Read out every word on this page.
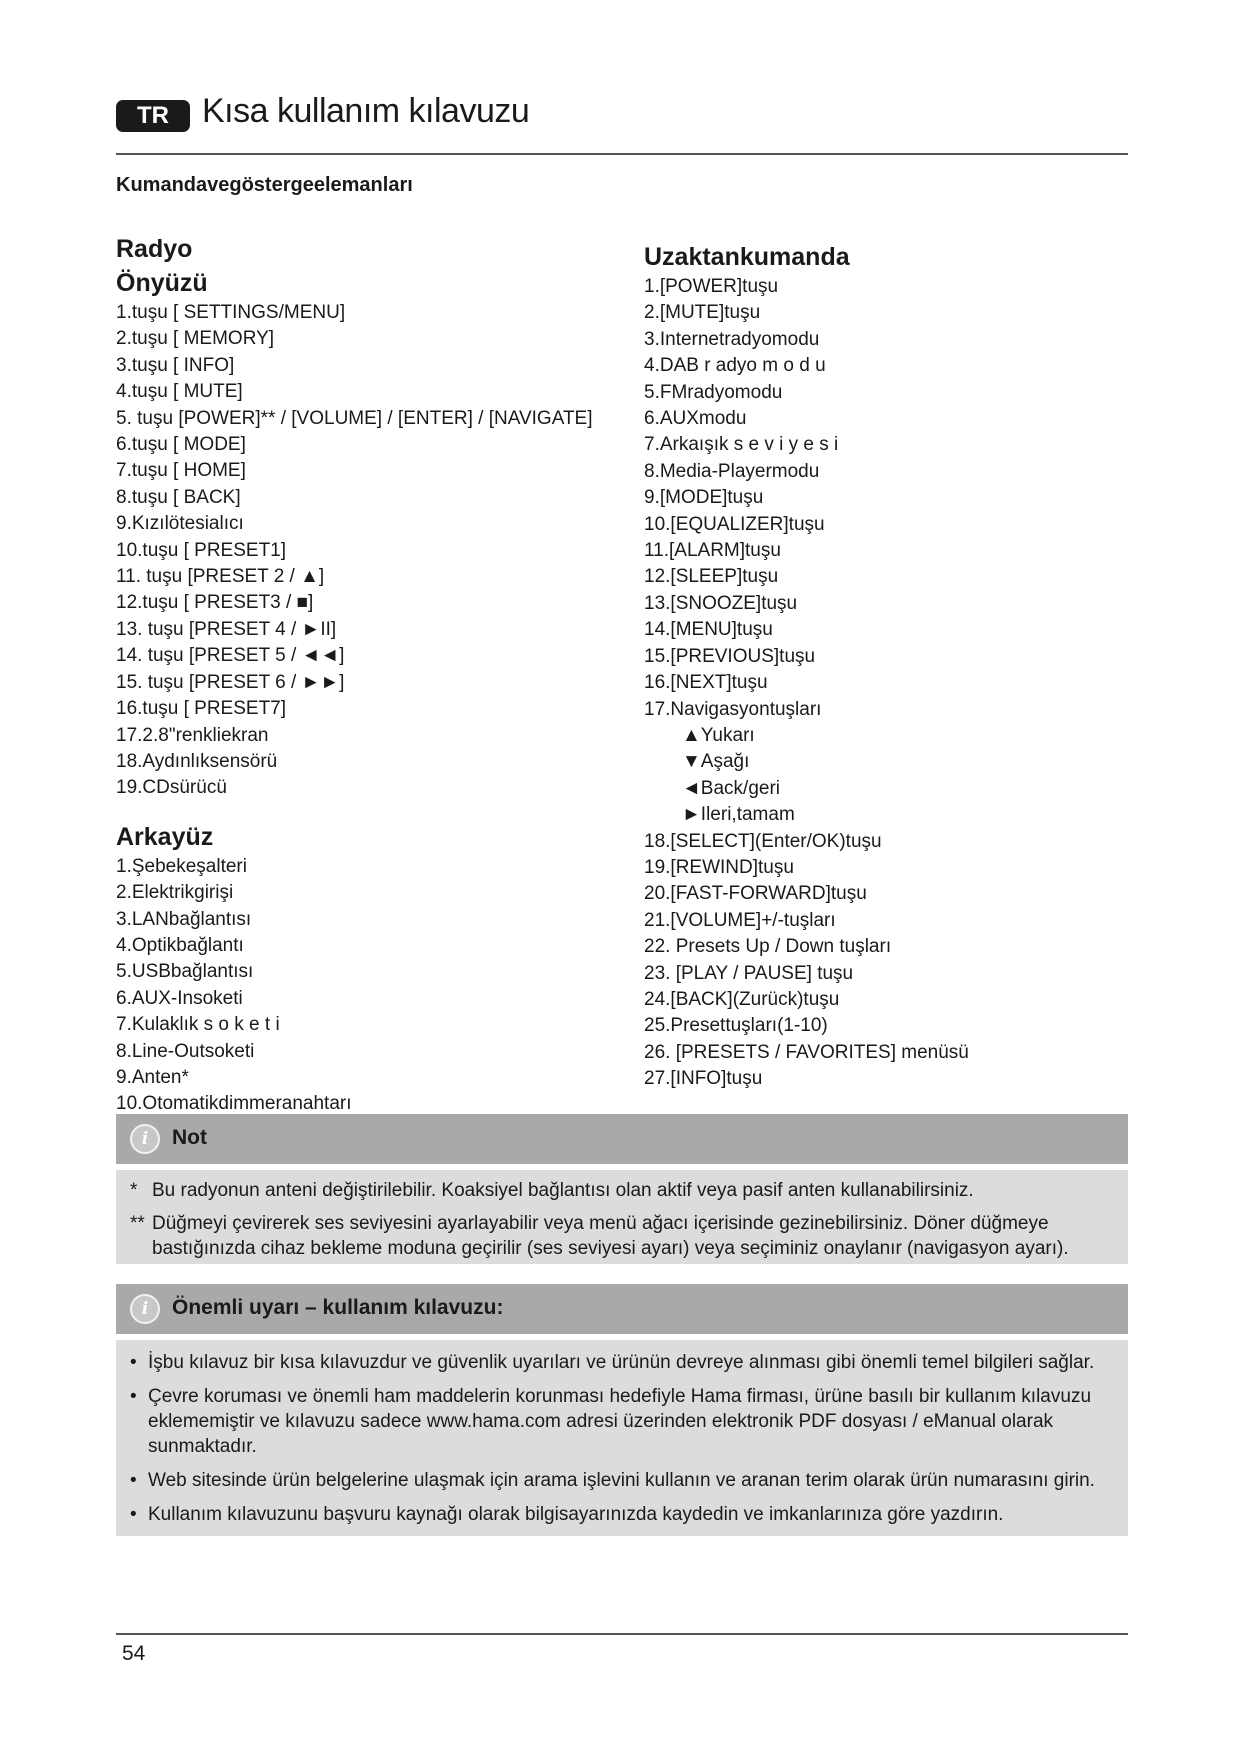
TR Kısa kullanım kılavuzu
Kumandavegöstergeelemanları
Radyo
Önyüzü
1.tuşu [ SETTINGS/MENU]
2.tuşu [ MEMORY]
3.tuşu [ INFO]
4.tuşu [ MUTE]
5. tuşu [POWER]** / [VOLUME] / [ENTER] / [NAVIGATE]
6.tuşu [ MODE]
7.tuşu [ HOME]
8.tuşu [ BACK]
9.Kızılötesialıcı
10.tuşu [ PRESET1]
11. tuşu [PRESET 2 / ▲]
12.tuşu [ PRESET3 / ■]
13. tuşu [PRESET 4 / ►II]
14. tuşu [PRESET 5 / ◄◄]
15. tuşu [PRESET 6 / ►►]
16.tuşu [ PRESET7]
17.2.8"renkliekran
18.Aydınlıksensörü
19.CDsürücü
Arkayüz
1.Şebekeşalteri
2.Elektrikgirişi
3.LANbağlantısı
4.Optikbağlantı
5.USBbağlantısı
6.AUX-Insoketi
7.Kulaklık s o k e t i
8.Line-Outsoketi
9.Anten*
10.Otomatikdimmeranahtarı
Uzaktankumanda
1.[POWER]tuşu
2.[MUTE]tuşu
3.Internetradyomodu
4.DAB r adyo m o d u
5.FMradyomodu
6.AUXmodu
7.Arkaışık s e v i y e s i
8.Media-Playermodu
9.[MODE]tuşu
10.[EQUALIZER]tuşu
11.[ALARM]tuşu
12.[SLEEP]tuşu
13.[SNOOZE]tuşu
14.[MENU]tuşu
15.[PREVIOUS]tuşu
16.[NEXT]tuşu
17.Navigasyontuşları
▲Yukarı
▼Aşağı
◄Back/geri
►Ileri,tamam
18.[SELECT](Enter/OK)tuşu
19.[REWIND]tuşu
20.[FAST-FORWARD]tuşu
21.[VOLUME]+/-tuşları
22. Presets Up / Down tuşları
23. [PLAY / PAUSE] tuşu
24.[BACK](Zurück)tuşu
25.Presettuşları(1-10)
26. [PRESETS / FAVORITES] menüsü
27.[INFO]tuşu
i	Not
* Bu radyonun anteni değiştirilebilir. Koaksiyel bağlantısı olan aktif veya pasif anten kullanabilirsiniz.
** Düğmeyi çevirerek ses seviyesini ayarlayabilir veya menü ağacı içerisinde gezinebilirsiniz. Döner düğmeye bastığınızda cihaz bekleme moduna geçirilir (ses seviyesi ayarı) veya seçiminiz onaylanır (navigasyon ayarı).
i	Önemli uyarı – kullanım kılavuzu:
• İşbu kılavuz bir kısa kılavuzdur ve güvenlik uyarıları ve ürünün devreye alınması gibi önemli temel bilgileri sağlar.
• Çevre koruması ve önemli ham maddelerin korunması hedefiyle Hama firması, ürüne basılı bir kullanım kılavuzu eklememiştir ve kılavuzu sadece www.hama.com adresi üzerinden elektronik PDF dosyası / eManual olarak sunmaktadır.
• Web sitesinde ürün belgelerine ulaşmak için arama işlevini kullanın ve aranan terim olarak ürün numarasını girin.
• Kullanım kılavuzunu başvuru kaynağı olarak bilgisayarınızda kaydedin ve imkanlarınıza göre yazdırın.
54
